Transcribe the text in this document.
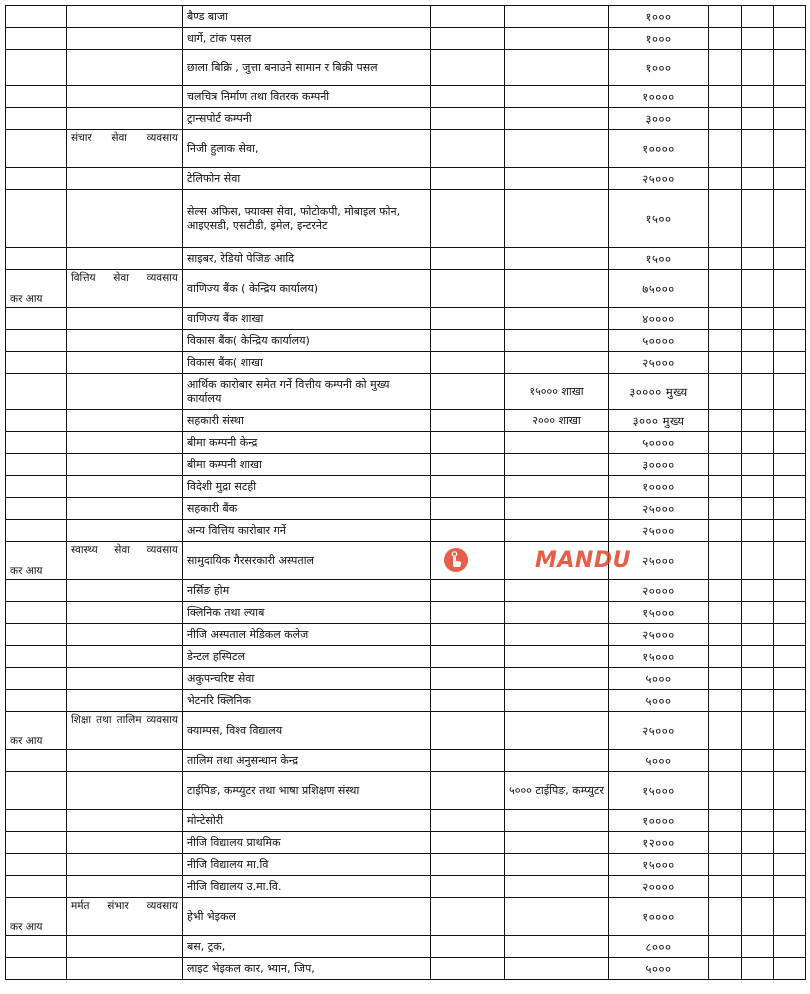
		बैण्ड बाजा			१०००			
		धार्गे, टांक पसल			१०००			
		छाला बिक्रि , जुत्ता बनाउने सामान र बिक्री पसल			१०००			
		चलचित्र निर्माण तथा वितरक कम्पनी			१००००			
		ट्रान्सपोर्ट कम्पनी			३०००			

	संचार सेवा व्यवसाय	निजी हुलाक सेवा,			१००००			
		टेलिफोन सेवा			२५०००			
		सेल्स अफिस, फ्याक्स सेवा, फोटोकपी, मोबाइल फोन, आइएसडी, एसटीडी, इमेल, इन्टरनेट			१५००			
		साइबर, रेडियो पेजिङ आदि			१५००			
कर आय	वित्तिय सेवा व्यवसाय	वाणिज्य बैंक ( केन्द्रिय कार्यालय)			७५०००			
		वाणिज्य बैंक शाखा			४००००			
		विकास बैंक( केन्द्रिय कार्यालय)			५००००			
		विकास बैंक( शाखा			२५०००			
		आर्थिक कारोबार समेत गर्ने वित्तीय कम्पनी को मुख्य कार्यालय		१५००० शाखा	३०००० मुख्य			
		सहकारी संस्था		२००० शाखा	३००० मुख्य			
		बीमा कम्पनी केन्द्र			५००००			
		बीमा कम्पनी शाखा			३००००			
		विदेशी मुद्रा सटही			१००००			
		सहकारी बैंक			२५०००			
		अन्य वित्तिय कारोबार गर्ने			२५०००			
कर आय	स्वास्थ्य सेवा व्यवसाय	सामुदायिक गैरसरकारी अस्पताल			२५०००			
		नर्सिङ होम			२००००			
		क्लिनिक तथा ल्याब			१५०००			
		नीजि अस्पताल मेडिकल कलेज			२५०००			
		डेन्टल हस्पिटल			१५०००			
		अकुपन्चरिष्ट सेवा			५०००			
		भेटनरि क्लिनिक			५०००			
कर आय	शिक्षा तथा तालिम व्यवसाय	क्याम्पस, विश्व विद्यालय			२५०००			
		तालिम तथा अनुसन्धान केन्द्र			५०००			
		टाईपिङ, कम्प्युटर तथा भाषा प्रशिक्षण संस्था		५००० टाईपिङ, कम्प्युटर	१५०००			
		मोन्टेसोरी			१००००			
		नीजि विद्यालय प्राथमिक			१२०००			
		नीजि विद्यालय मा.वि			१५०००			
		नीजि विद्यालय उ.मा.वि.			२००००			
कर आय	मर्मत संभार व्यवसाय	हेभी भेइकल			१००००			
		बस, ट्रक,			८०००			
		लाइट भेइकल कार, भ्यान, जिप,			५०००			
MANDU
